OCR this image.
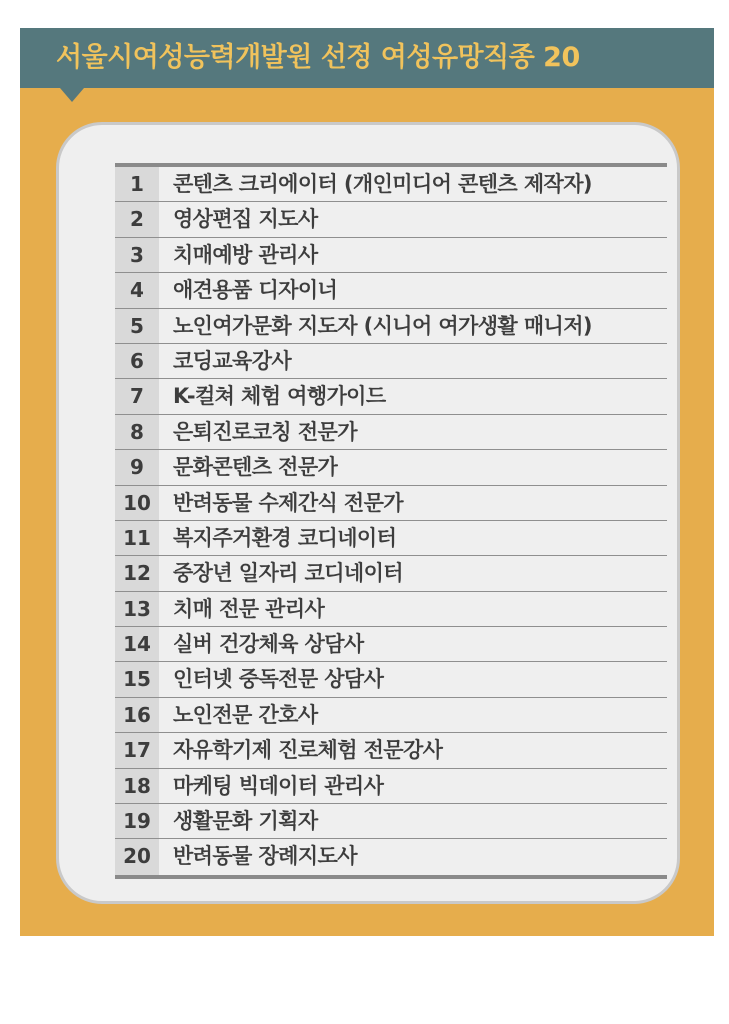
서울시여성능력개발원 선정 여성유망직종 20
1	콘텐츠 크리에이터 (개인미디어 콘텐츠 제작자)
2	영상편집 지도사
3	치매예방 관리사
4	애견용품 디자이너
5	노인여가문화 지도자 (시니어 여가생활 매니저)
6	코딩교육강사
7	K-컬쳐 체험 여행가이드
8	은퇴진로코칭 전문가
9	문화콘텐츠 전문가
10	반려동물 수제간식 전문가
11	복지주거환경 코디네이터
12	중장년 일자리 코디네이터
13	치매 전문 관리사
14	실버 건강체육 상담사
15	인터넷 중독전문 상담사
16	노인전문 간호사
17	자유학기제 진로체험 전문강사
18	마케팅 빅데이터 관리사
19	생활문화 기획자
20	반려동물 장례지도사
